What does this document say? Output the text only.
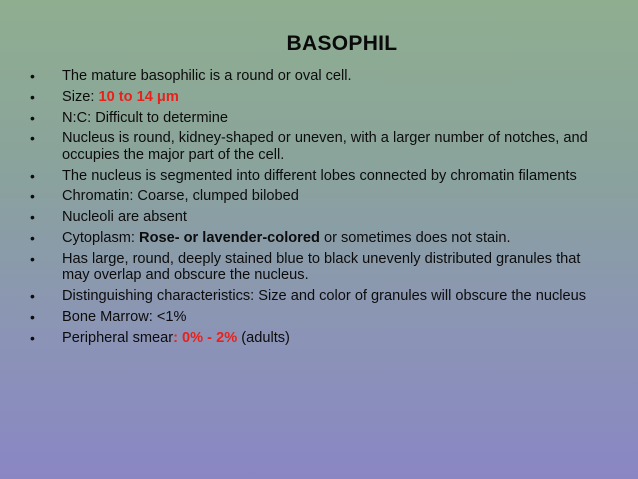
BASOPHIL
• The mature basophilic is a round or oval cell.
• Size: 10 to 14 μm
• N:C: Difficult to determine
• Nucleus is round, kidney-shaped or uneven, with a larger number of notches, and occupies the major part of the cell.
• The nucleus is segmented into different lobes connected by chromatin filaments
• Chromatin: Coarse, clumped bilobed
• Nucleoli are absent
• Cytoplasm: Rose- or lavender-colored or sometimes does not stain.
• Has large, round, deeply stained blue to black unevenly distributed granules that may overlap and obscure the nucleus.
• Distinguishing characteristics: Size and color of granules will obscure the nucleus
• Bone Marrow: <1%
• Peripheral smear: 0% - 2% (adults)
